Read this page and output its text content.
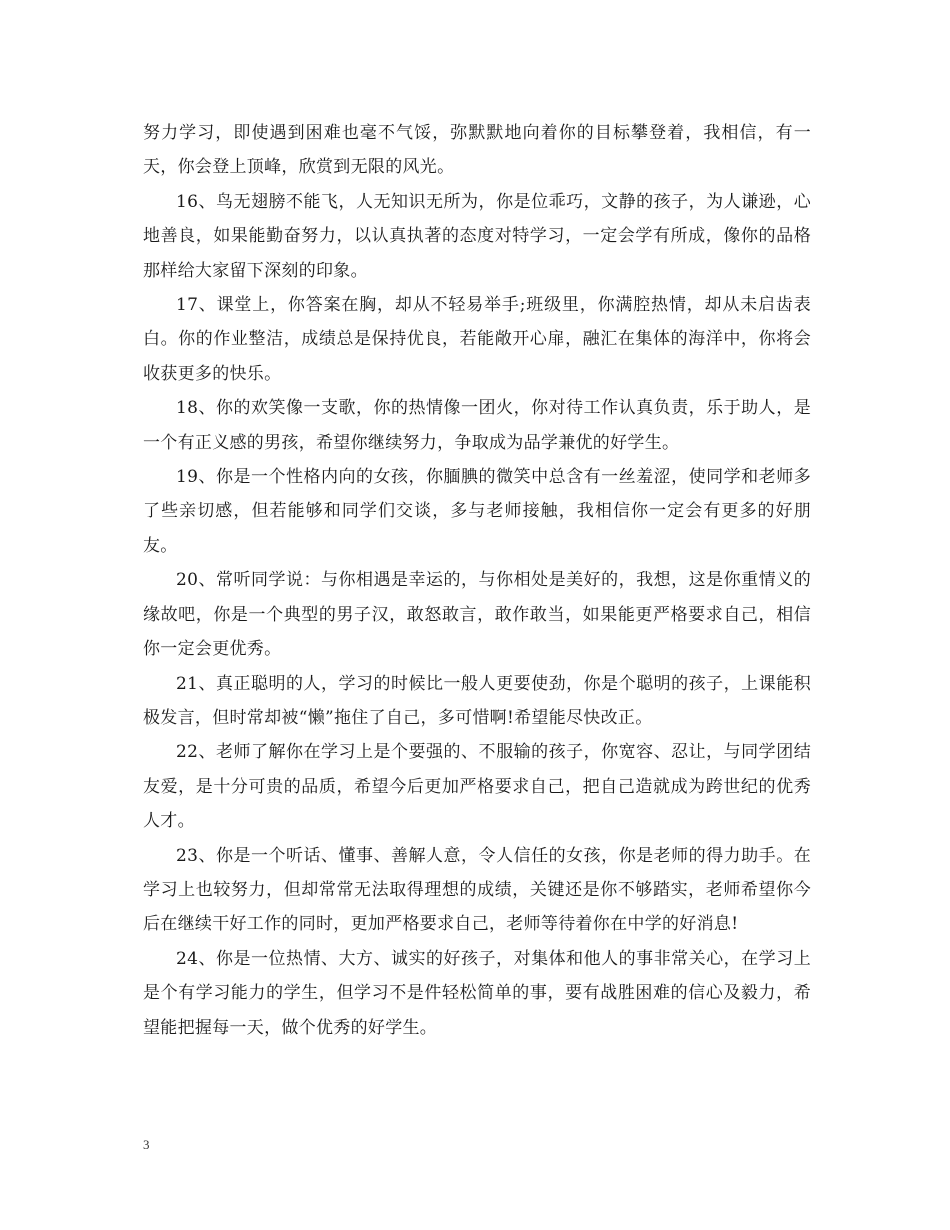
努力学习，即使遇到困难也毫不气馁，弥默默地向着你的目标攀登着，我相信，有一天，你会登上顶峰，欣赏到无限的风光。

16、鸟无翅膀不能飞，人无知识无所为，你是位乖巧，文静的孩子，为人谦逊，心地善良，如果能勤奋努力，以认真执著的态度对特学习，一定会学有所成，像你的品格那样给大家留下深刻的印象。

17、课堂上，你答案在胸，却从不轻易举手;班级里，你满腔热情，却从未启齿表白。你的作业整洁，成绩总是保持优良，若能敞开心扉，融汇在集体的海洋中，你将会收获更多的快乐。

18、你的欢笑像一支歌，你的热情像一团火，你对待工作认真负责，乐于助人，是一个有正义感的男孩，希望你继续努力，争取成为品学兼优的好学生。

19、你是一个性格内向的女孩，你腼腆的微笑中总含有一丝羞涩，使同学和老师多了些亲切感，但若能够和同学们交谈，多与老师接触，我相信你一定会有更多的好朋友。

20、常听同学说：与你相遇是幸运的，与你相处是美好的，我想，这是你重情义的缘故吧，你是一个典型的男子汉，敢怒敢言，敢作敢当，如果能更严格要求自己，相信你一定会更优秀。

21、真正聪明的人，学习的时候比一般人更要使劲，你是个聪明的孩子，上课能积极发言，但时常却被“懒”拖住了自己，多可惜啊!希望能尽快改正。

22、老师了解你在学习上是个要强的、不服输的孩子，你宽容、忍让，与同学团结友爱，是十分可贵的品质，希望今后更加严格要求自己，把自己造就成为跨世纪的优秀人才。

23、你是一个听话、懂事、善解人意，令人信任的女孩，你是老师的得力助手。在学习上也较努力，但却常常无法取得理想的成绩，关键还是你不够踏实，老师希望你今后在继续干好工作的同时，更加严格要求自己，老师等待着你在中学的好消息!

24、你是一位热情、大方、诚实的好孩子，对集体和他人的事非常关心，在学习上是个有学习能力的学生，但学习不是件轻松简单的事，要有战胜困难的信心及毅力，希望能把握每一天，做个优秀的好学生。

3
